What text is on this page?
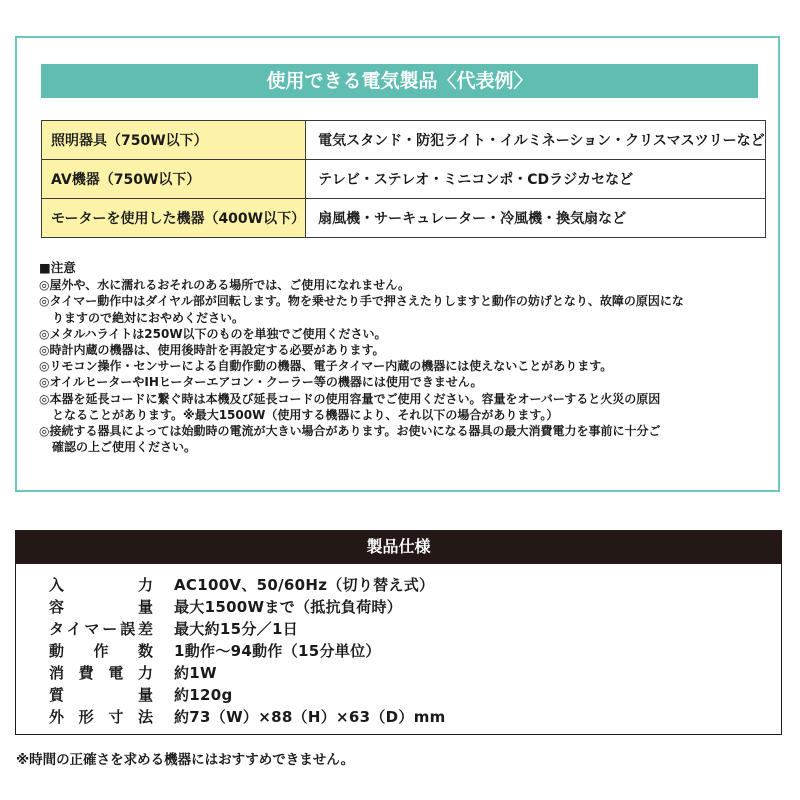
使用できる電気製品〈代表例〉
照明器具（750W以下）	電気スタンド・防犯ライト・イルミネーション・クリスマスツリーなど
AV機器（750W以下）	テレビ・ステレオ・ミニコンポ・CDラジカセなど
モーターを使用した機器（400W以下）	扇風機・サーキュレーター・冷風機・換気扇など
■注意
◎屋外や、水に濡れるおそれのある場所では、ご使用になれません。
◎タイマー動作中はダイヤル部が回転します。物を乗せたり手で押さえたりしますと動作の妨げとなり、故障の原因にな
りますので絶対におやめください。
◎メタルハライトは250W以下のものを単独でご使用ください。
◎時計内蔵の機器は、使用後時計を再設定する必要があります。
◎リモコン操作・センサーによる自動作動の機器、電子タイマー内蔵の機器には使えないことがあります。
◎オイルヒーターやIHヒーターエアコン・クーラー等の機器には使用できません。
◎本器を延長コードに繋ぐ時は本機及び延長コードの使用容量でご使用ください。容量をオーバーすると火災の原因
となることがあります。※最大1500W（使用する機器により、それ以下の場合があります。）
◎接続する器具によっては始動時の電流が大きい場合があります。お使いになる器具の最大消費電力を事前に十分ご
確認の上ご使用ください。
製品仕様
入力 AC100V、50/60Hz（切り替え式）
容量 最大1500Wまで（抵抗負荷時）
タイマー誤差 最大約15分／1日
動作数 1動作〜94動作（15分単位）
消費電力 約1W
質量 約120g
外形寸法 約73（W）×88（H）×63（D）mm
※時間の正確さを求める機器にはおすすめできません。
